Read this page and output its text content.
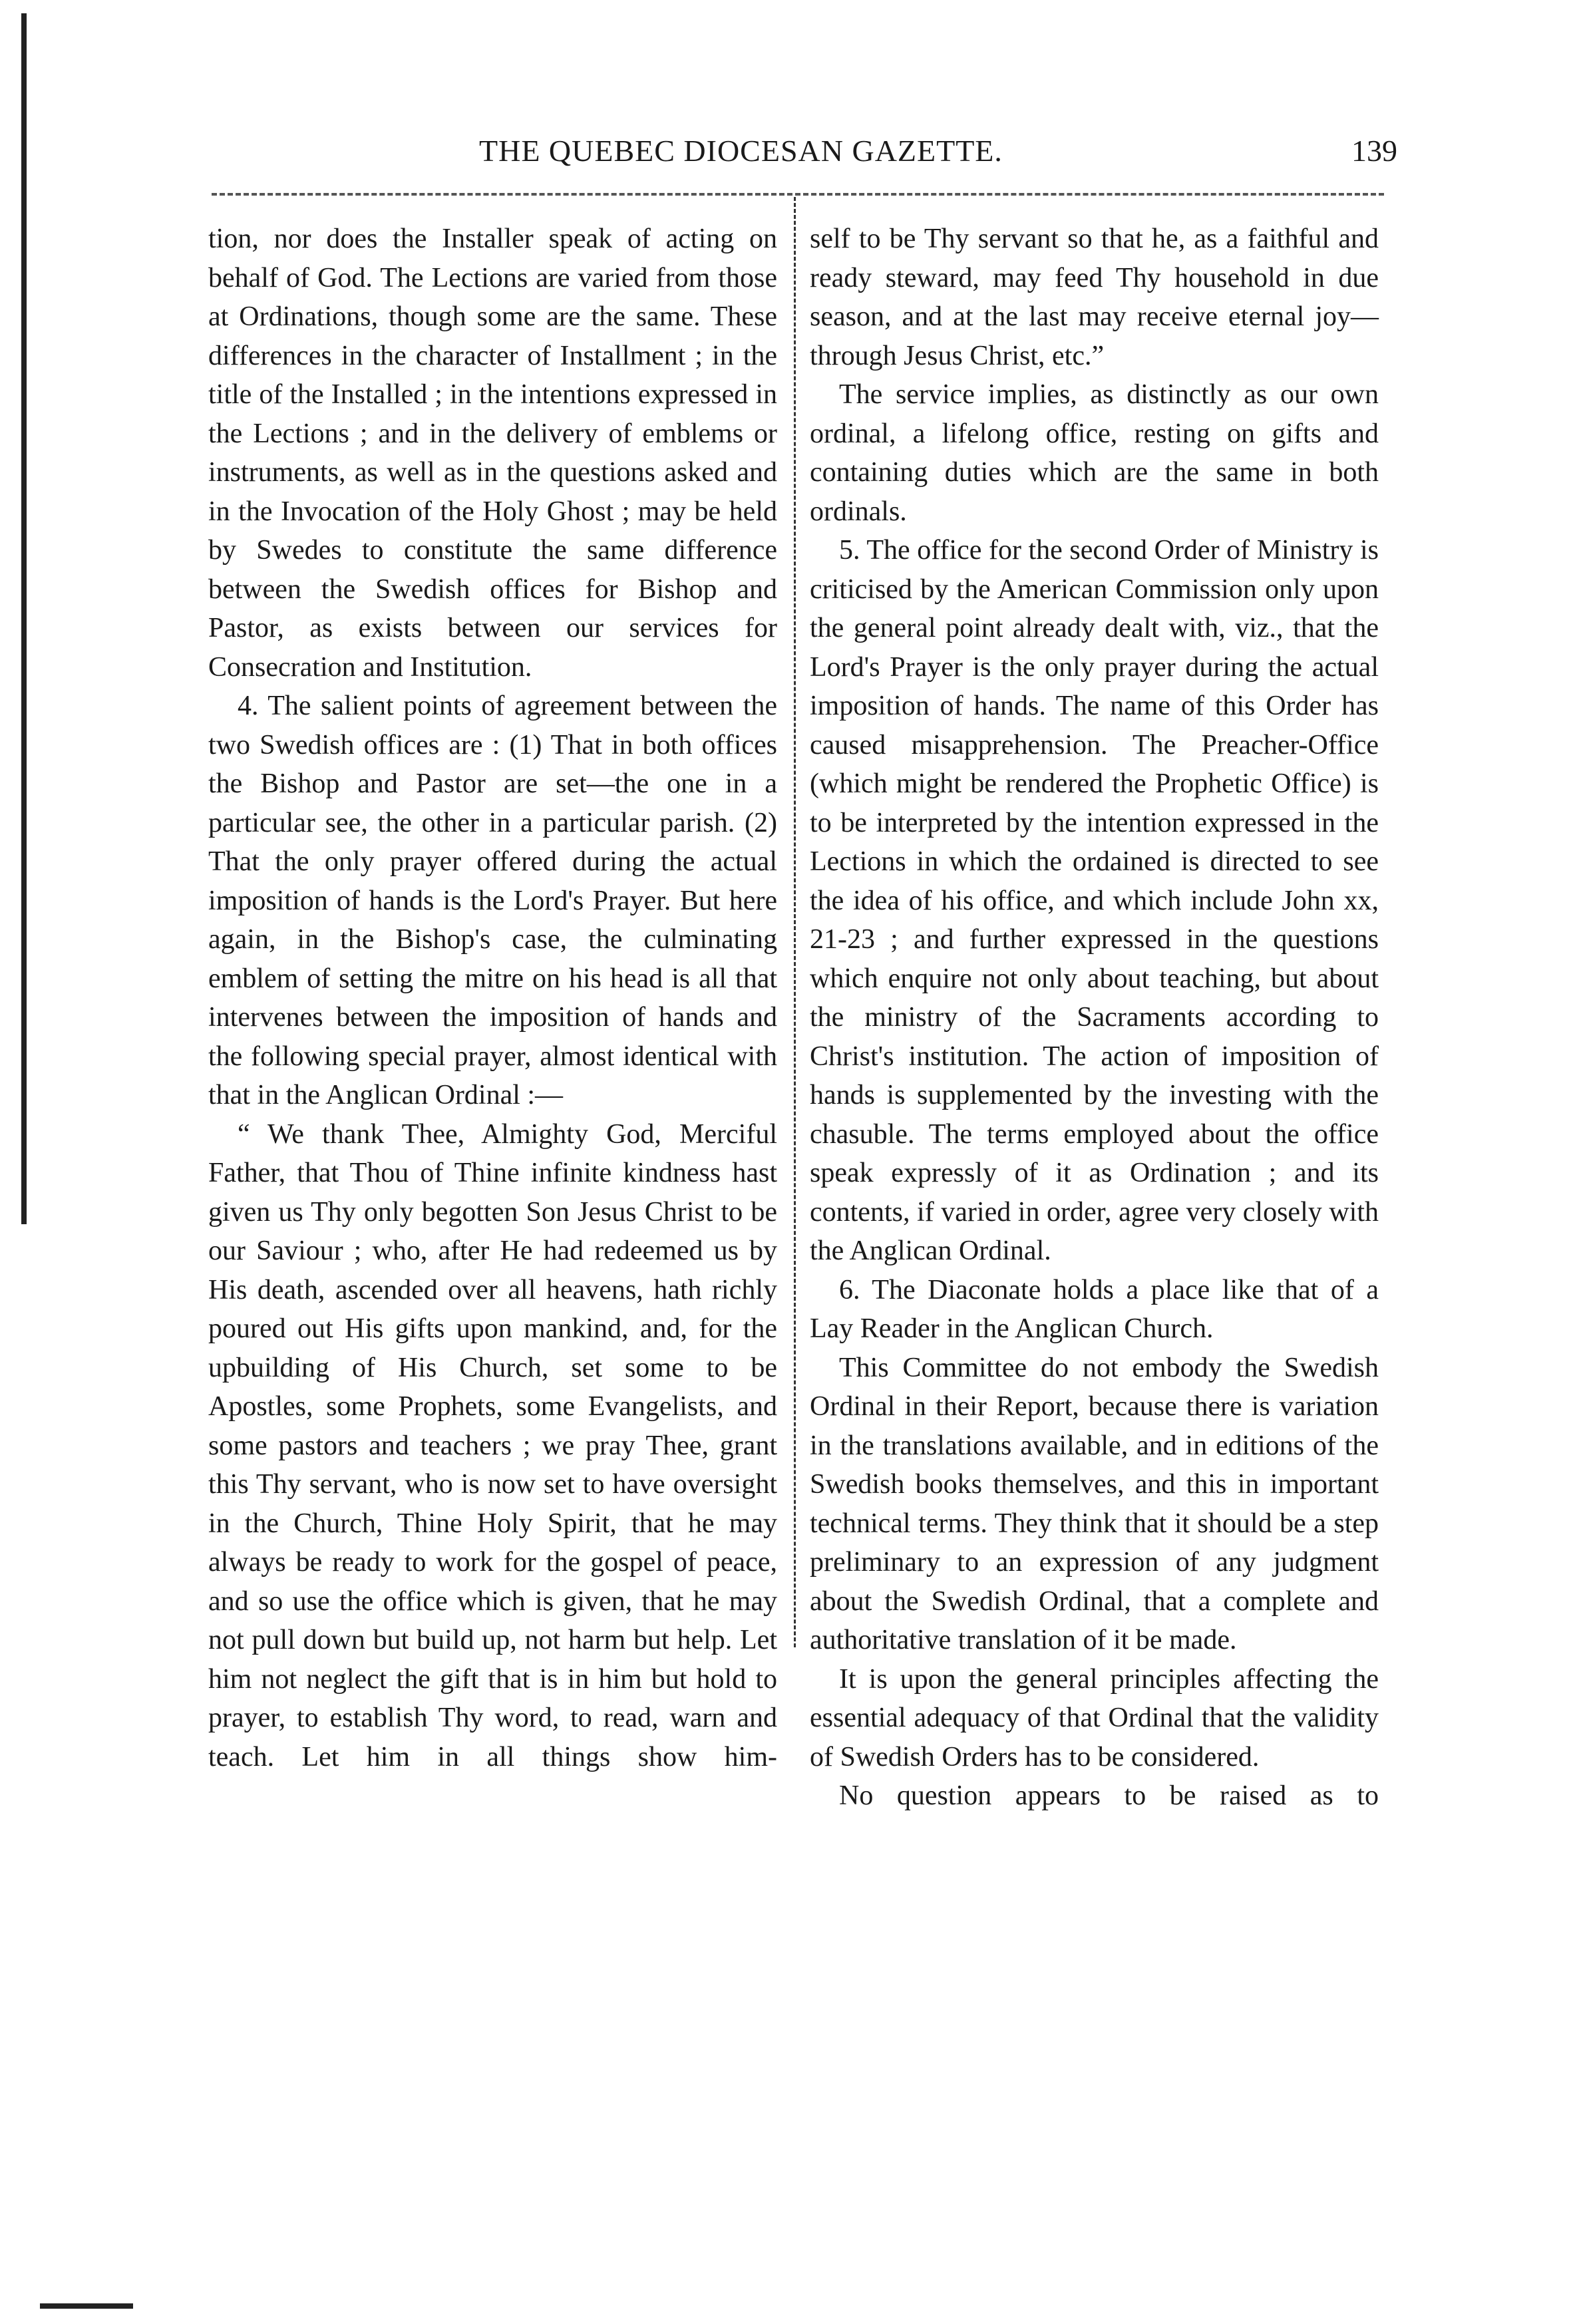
THE QUEBEC DIOCESAN GAZETTE.	139

tion, nor does the Installer speak of acting on behalf of God. The Lections are varied from those at Ordinations, though some are the same. These differences in the character of Installment ; in the title of the Installed ; in the intentions expressed in the Lections ; and in the delivery of emblems or instruments, as well as in the questions asked and in the Invocation of the Holy Ghost ; may be held by Swedes to constitute the same difference between the Swedish offices for Bishop and Pastor, as exists between our services for Consecration and Institution.

4. The salient points of agreement between the two Swedish offices are : (1) That in both offices the Bishop and Pastor are set—the one in a particular see, the other in a particular parish. (2) That the only prayer offered during the actual imposition of hands is the Lord's Prayer. But here again, in the Bishop's case, the culminating emblem of setting the mitre on his head is all that intervenes between the imposition of hands and the following special prayer, almost identical with that in the Anglican Ordinal :—

“ We thank Thee, Almighty God, Merciful Father, that Thou of Thine infinite kindness hast given us Thy only begotten Son Jesus Christ to be our Saviour ; who, after He had redeemed us by His death, ascended over all heavens, hath richly poured out His gifts upon mankind, and, for the upbuilding of His Church, set some to be Apostles, some Prophets, some Evangelists, and some pastors and teachers ; we pray Thee, grant this Thy servant, who is now set to have oversight in the Church, Thine Holy Spirit, that he may always be ready to work for the gospel of peace, and so use the office which is given, that he may not pull down but build up, not harm but help. Let him not neglect the gift that is in him but hold to prayer, to establish Thy word, to read, warn and teach. Let him in all things show him-

self to be Thy servant so that he, as a faithful and ready steward, may feed Thy household in due season, and at the last may receive eternal joy—through Jesus Christ, etc.”

The service implies, as distinctly as our own ordinal, a lifelong office, resting on gifts and containing duties which are the same in both ordinals.

5. The office for the second Order of Ministry is criticised by the American Commission only upon the general point already dealt with, viz., that the Lord's Prayer is the only prayer during the actual imposition of hands. The name of this Order has caused misapprehension. The Preacher-Office (which might be rendered the Prophetic Office) is to be interpreted by the intention expressed in the Lections in which the ordained is directed to see the idea of his office, and which include John xx, 21-23 ; and further expressed in the questions which enquire not only about teaching, but about the ministry of the Sacraments according to Christ's institution. The action of imposition of hands is supplemented by the investing with the chasuble. The terms employed about the office speak expressly of it as Ordination ; and its contents, if varied in order, agree very closely with the Anglican Ordinal.

6. The Diaconate holds a place like that of a Lay Reader in the Anglican Church.

This Committee do not embody the Swedish Ordinal in their Report, because there is variation in the translations available, and in editions of the Swedish books themselves, and this in important technical terms. They think that it should be a step preliminary to an expression of any judgment about the Swedish Ordinal, that a complete and authoritative translation of it be made.

It is upon the general principles affecting the essential adequacy of that Ordinal that the validity of Swedish Orders has to be considered.

No question appears to be raised as to
